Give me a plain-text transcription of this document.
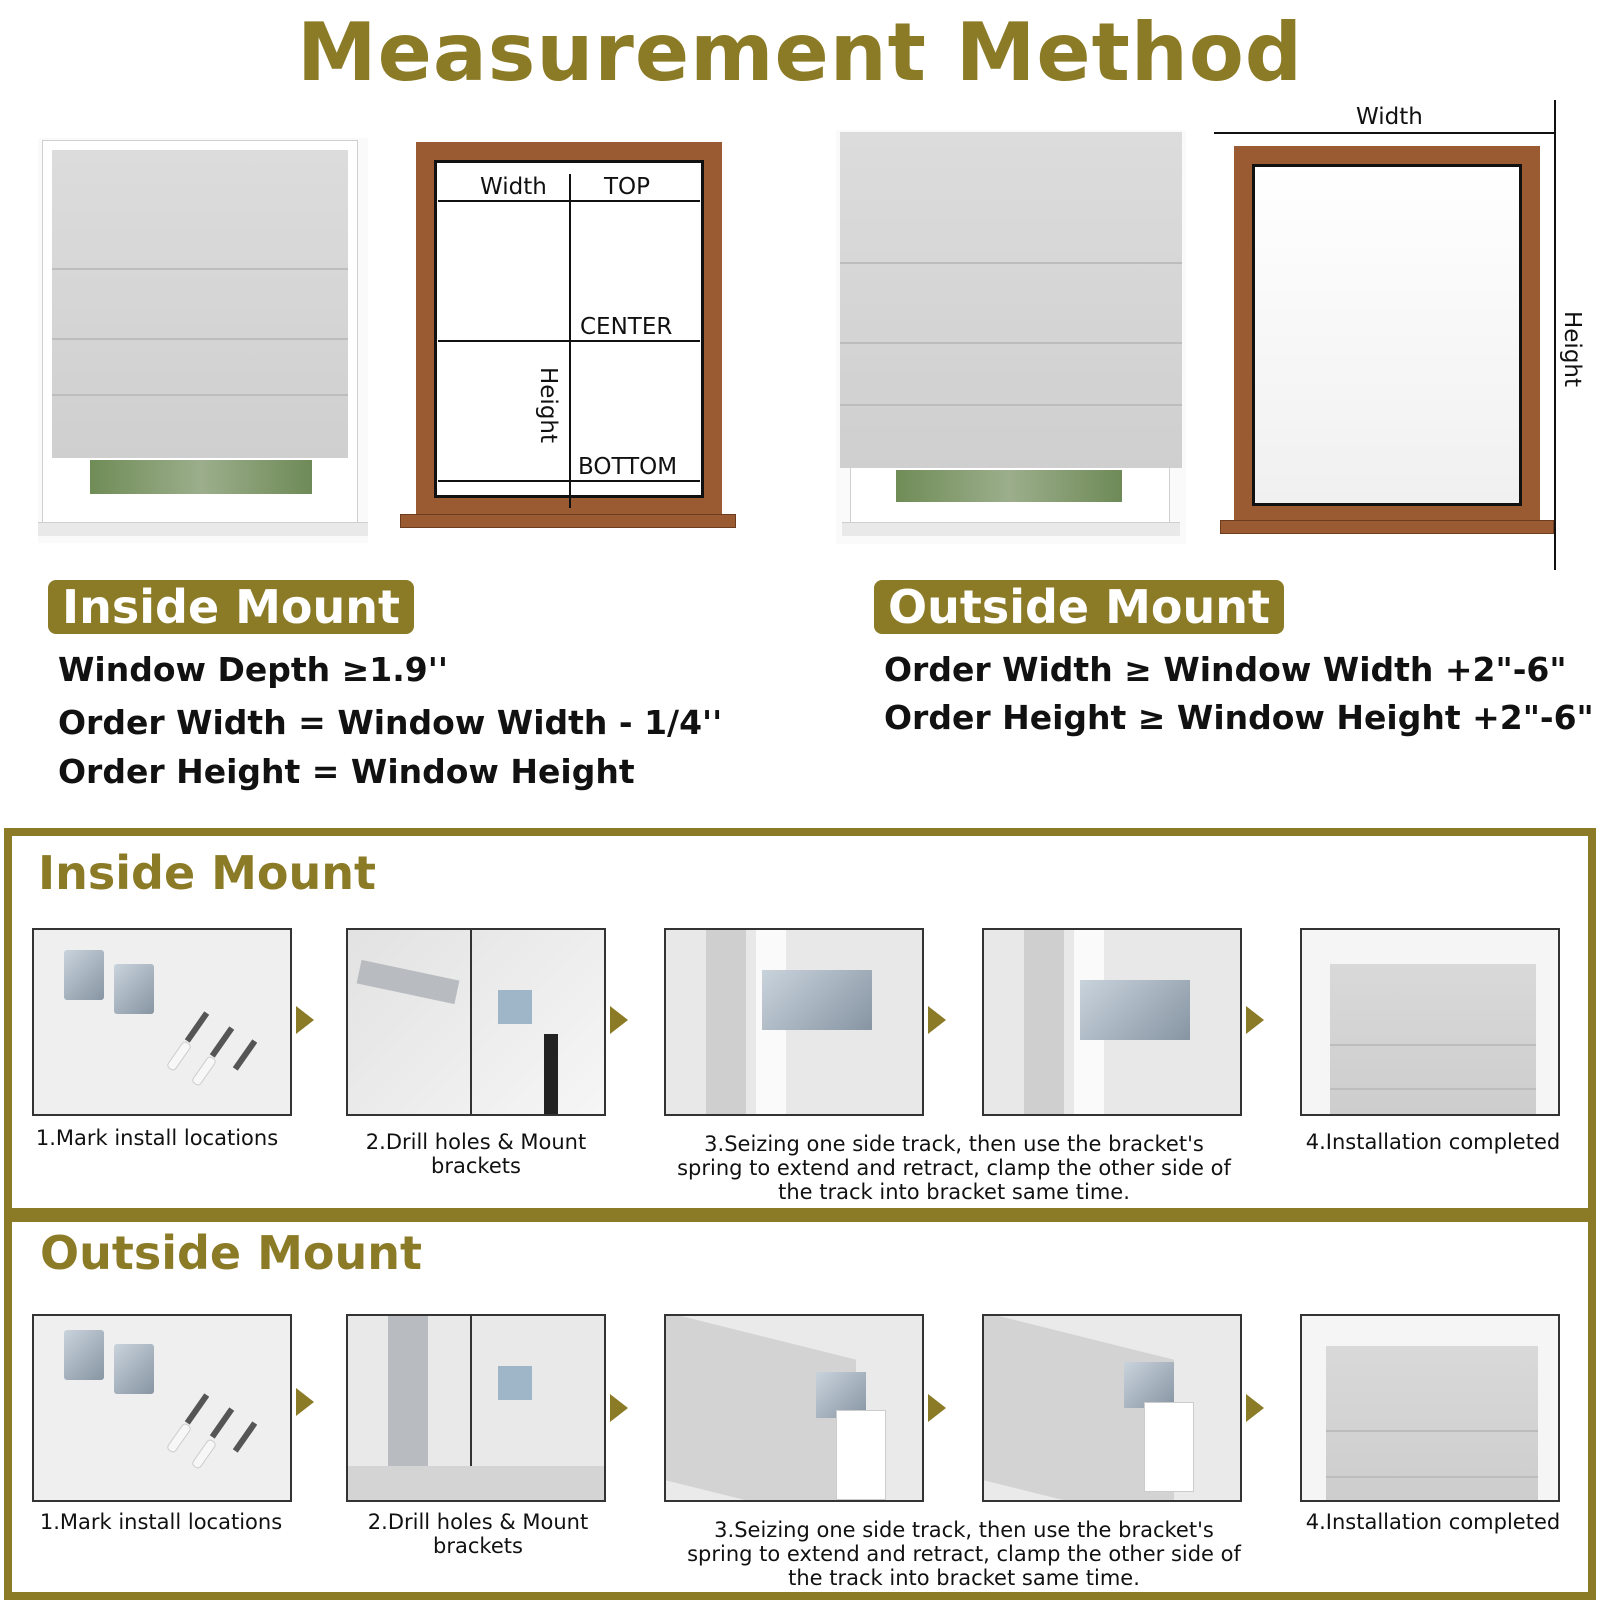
Measurement Method
Width TOP
CENTER
BOTTOM
Height
Width
Height
Inside Mount
Window Depth ≥1.9''
Order Width = Window Width - 1/4''
Order Height = Window Height
Outside Mount
Order Width ≥ Window Width +2"-6"
Order Height ≥ Window Height +2"-6"
Inside Mount
1.Mark install locations	2.Drill holes & Mount brackets
3.Seizing one side track, then use the bracket's spring to extend and retract, clamp the other side of the track into bracket same time.
4.Installation completed
Outside Mount
1.Mark install locations	2.Drill holes & Mount brackets
3.Seizing one side track, then use the bracket's spring to extend and retract, clamp the other side of the track into bracket same time.
4.Installation completed
